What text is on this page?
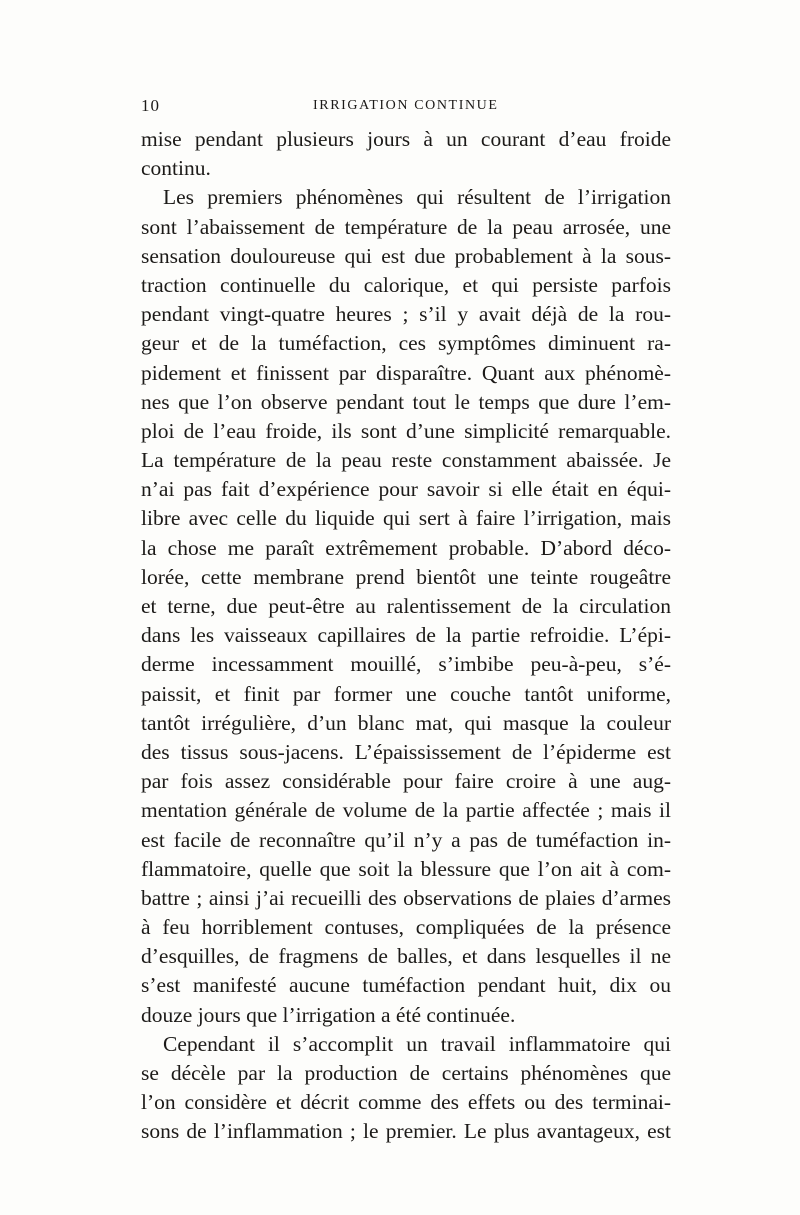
10	IRRIGATION CONTINUE
mise pendant plusieurs jours à un courant d’eau froide
continu.
Les premiers phénomènes qui résultent de l’irrigation
sont l’abaissement de température de la peau arrosée, une
sensation douloureuse qui est due probablement à la sous-
traction continuelle du calorique, et qui persiste parfois
pendant vingt-quatre heures ; s’il y avait déjà de la rou-
geur et de la tuméfaction, ces symptômes diminuent ra-
pidement et finissent par disparaître. Quant aux phénomè-
nes que l’on observe pendant tout le temps que dure l’em-
ploi de l’eau froide, ils sont d’une simplicité remarquable.
La température de la peau reste constamment abaissée. Je
n’ai pas fait d’expérience pour savoir si elle était en équi-
libre avec celle du liquide qui sert à faire l’irrigation, mais
la chose me paraît extrêmement probable. D’abord déco-
lorée, cette membrane prend bientôt une teinte rougeâtre
et terne, due peut-être au ralentissement de la circulation
dans les vaisseaux capillaires de la partie refroidie. L’épi-
derme incessamment mouillé, s’imbibe peu-à-peu, s’é-
paissit, et finit par former une couche tantôt uniforme,
tantôt irrégulière, d’un blanc mat, qui masque la couleur
des tissus sous-jacens. L’épaississement de l’épiderme est
par fois assez considérable pour faire croire à une aug-
mentation générale de volume de la partie affectée ; mais il
est facile de reconnaître qu’il n’y a pas de tuméfaction in-
flammatoire, quelle que soit la blessure que l’on ait à com-
battre ; ainsi j’ai recueilli des observations de plaies d’armes
à feu horriblement contuses, compliquées de la présence
d’esquilles, de fragmens de balles, et dans lesquelles il ne
s’est manifesté aucune tuméfaction pendant huit, dix ou
douze jours que l’irrigation a été continuée.
Cependant il s’accomplit un travail inflammatoire qui
se décèle par la production de certains phénomènes que
l’on considère et décrit comme des effets ou des terminai-
sons de l’inflammation ; le premier. Le plus avantageux, est
